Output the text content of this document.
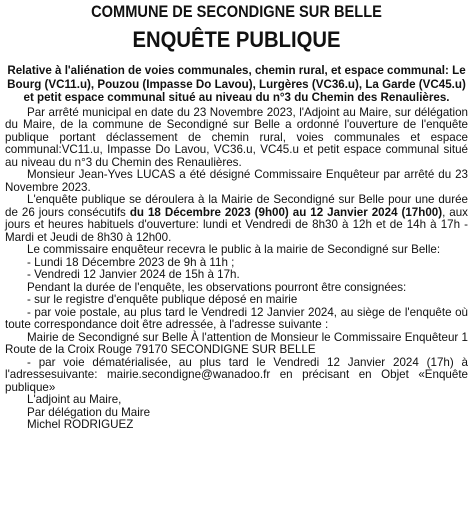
COMMUNE DE SECONDIGNE SUR BELLE
ENQUÊTE PUBLIQUE
Relative à l'aliénation de voies communales, chemin rural, et espace communal: Le Bourg (VC11.u), Pouzou (Impasse Do Lavou), Lurgères (VC36.u), La Garde (VC45.u) et petit espace communal situé au niveau du n°3 du Chemin des Renaulières.

Par arrêté municipal en date du 23 Novembre 2023, l'Adjoint au Maire, sur délégation du Maire, de la commune de Secondigné sur Belle a ordonné l'ouverture de l'enquête publique portant déclassement de chemin rural, voies communales et espace communal:VC11.u, Impasse Do Lavou, VC36.u, VC45.u et petit espace communal situé au niveau du n°3 du Chemin des Renaulières.

Monsieur Jean-Yves LUCAS a été désigné Commissaire Enquêteur par arrêté du 23 Novembre 2023.

L'enquête publique se déroulera à la Mairie de Secondigné sur Belle pour une durée de 26 jours consécutifs du 18 Décembre 2023 (9h00) au 12 Janvier 2024 (17h00), aux jours et heures habituels d'ouverture: lundi et Vendredi de 8h30 à 12h et de 14h à 17h - Mardi et Jeudi de 8h30 à 12h00.

Le commissaire enquêteur recevra le public à la mairie de Secondigné sur Belle:

- Lundi 18 Décembre 2023 de 9h à 11h ;

- Vendredi 12 Janvier 2024 de 15h à 17h.

Pendant la durée de l'enquête, les observations pourront être consignées:

- sur le registre d'enquête publique déposé en mairie

- par voie postale, au plus tard le Vendredi 12 Janvier 2024, au siège de l'enquête où toute correspondance doit être adressée, à l'adresse suivante :

Mairie de Secondigné sur Belle À l'attention de Monsieur le Commissaire Enquêteur 1 Route de la Croix Rouge 79170 SECONDIGNE SUR BELLE

- par voie dématérialisée, au plus tard le Vendredi 12 Janvier 2024 (17h) à l'adressesuivante: mairie.secondigne@wanadoo.fr en précisant en Objet «Enquête publique»

L'adjoint au Maire,

Par délégation du Maire

Michel RODRIGUEZ
